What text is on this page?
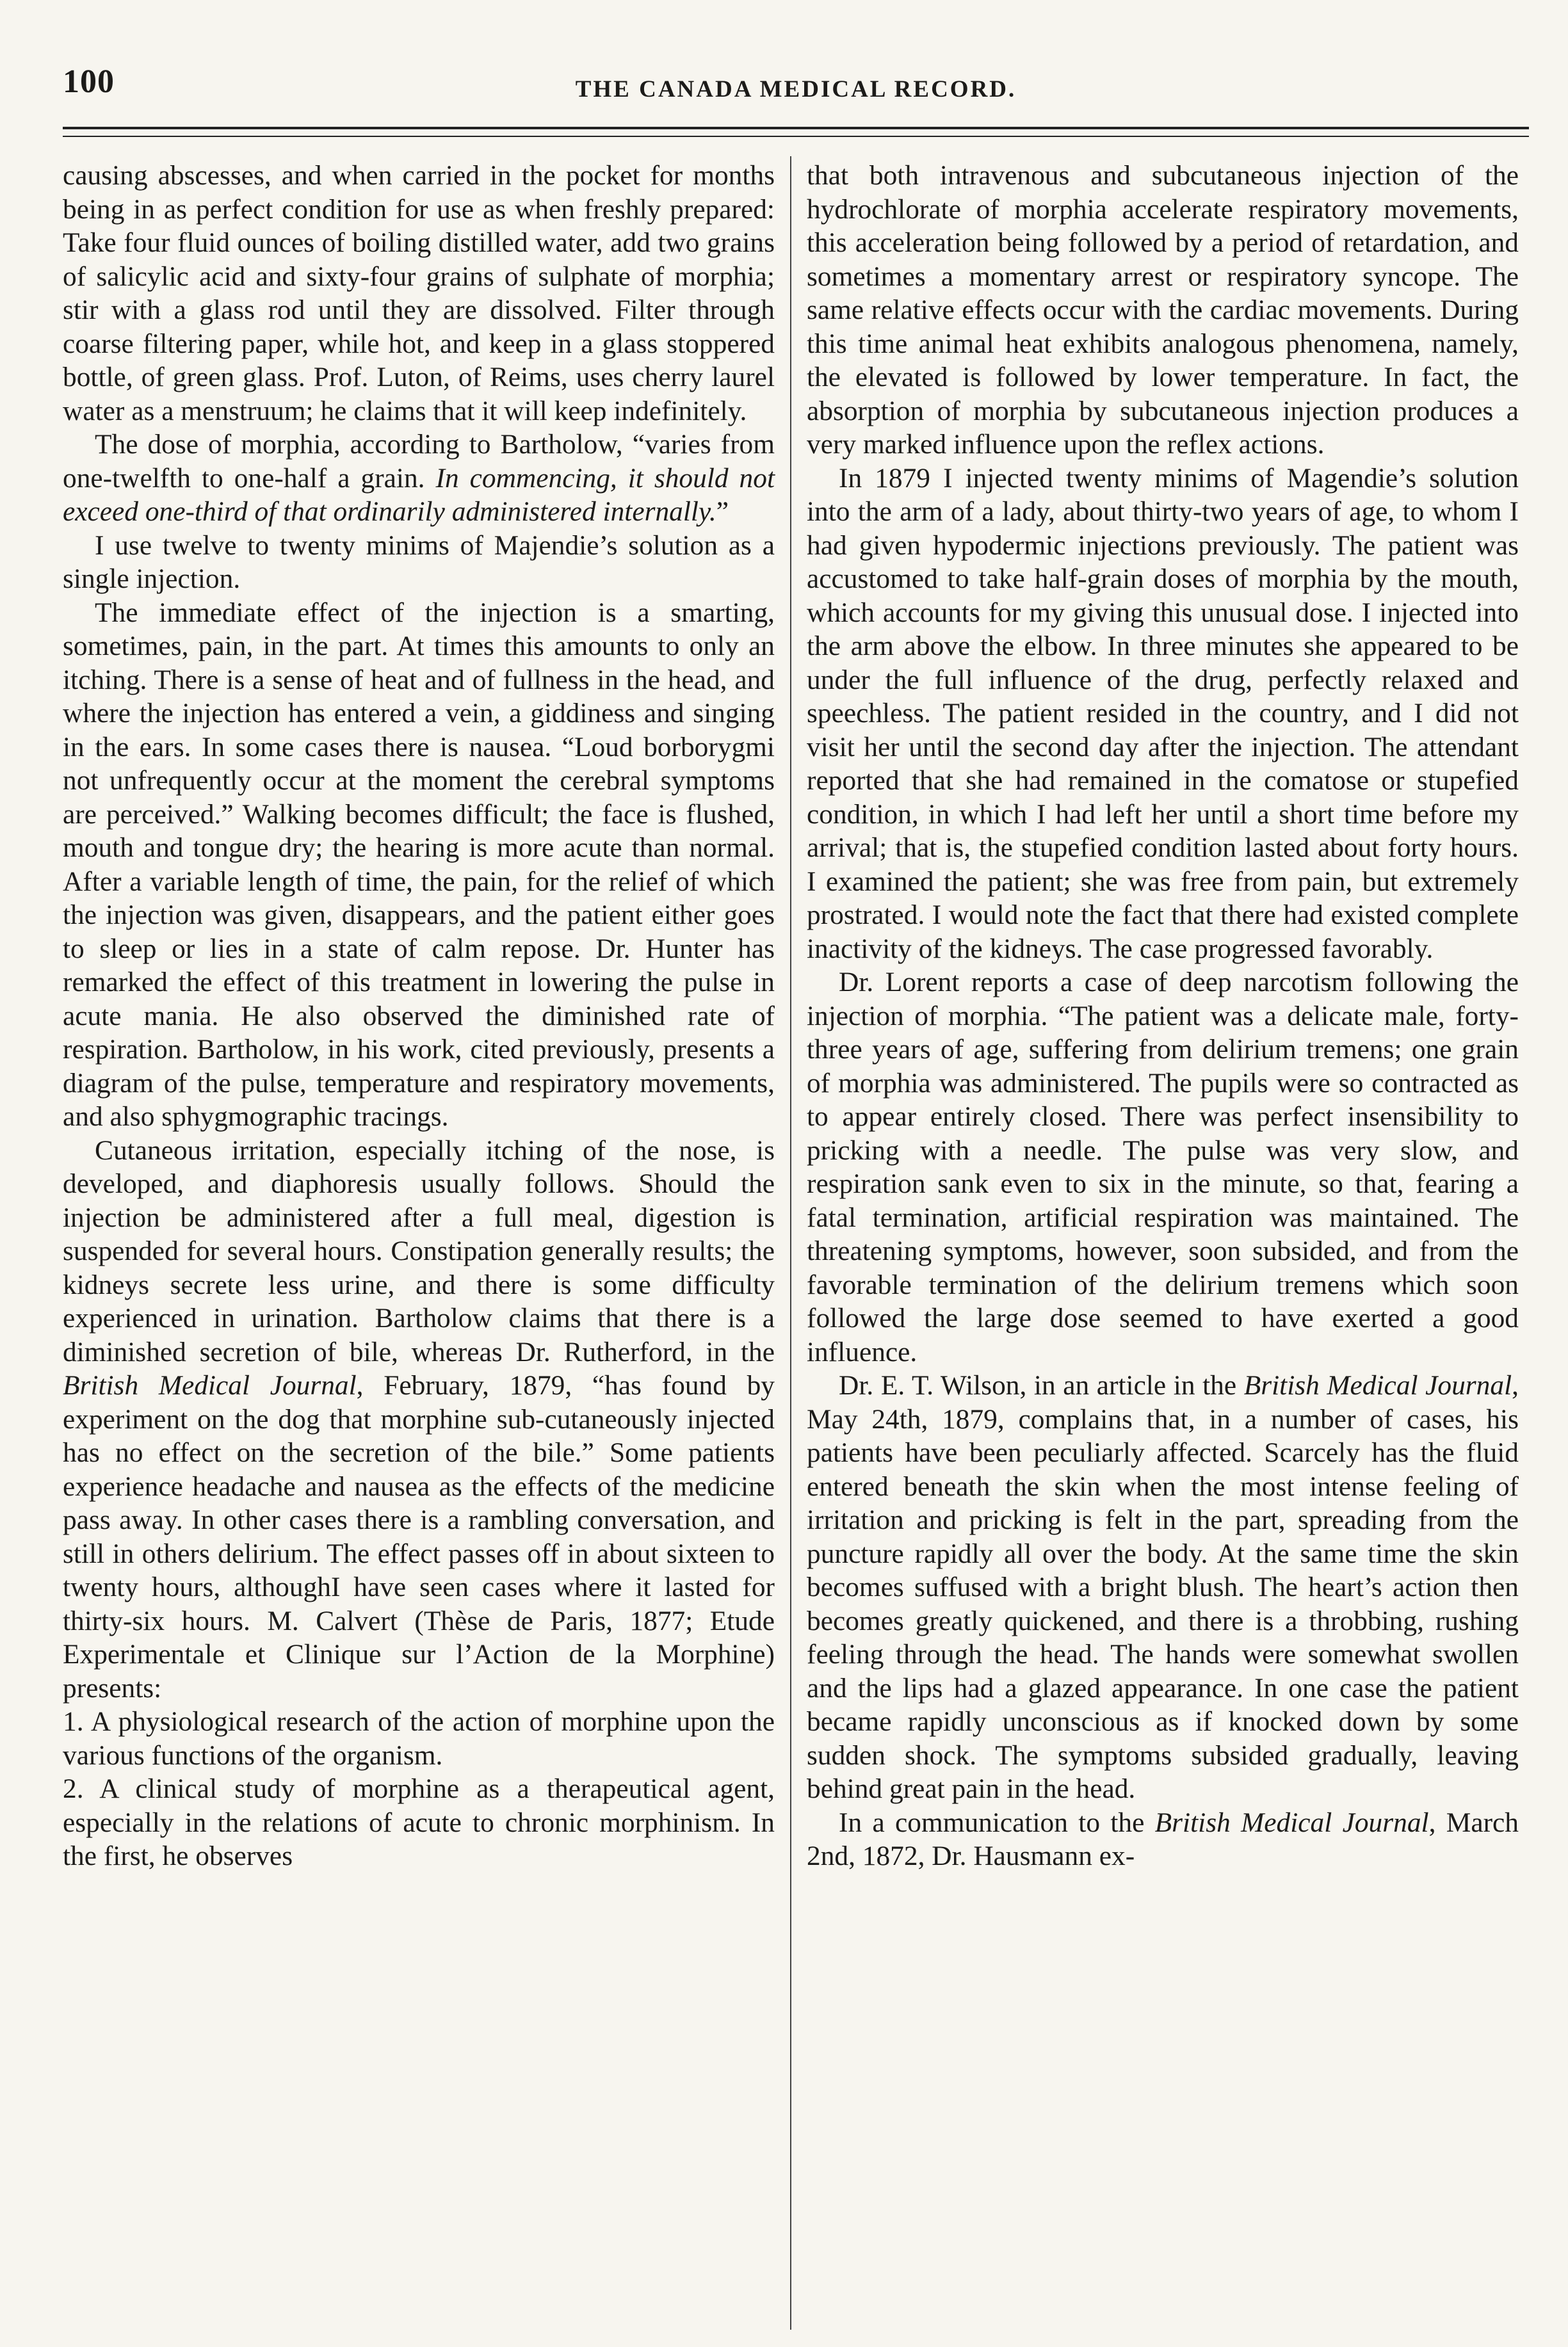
100	THE CANADA MEDICAL RECORD.

causing abscesses, and when carried in the pocket for months being in as perfect condition for use as when freshly prepared: Take four fluid ounces of boiling distilled water, add two grains of salicylic acid and sixty-four grains of sulphate of morphia; stir with a glass rod until they are dissolved. Filter through coarse filtering paper, while hot, and keep in a glass stoppered bottle, of green glass. Prof. Luton, of Reims, uses cherry laurel water as a menstruum; he claims that it will keep indefinitely.

The dose of morphia, according to Bartholow, “varies from one-twelfth to one-half a grain. In commencing, it should not exceed one-third of that ordinarily administered internally.”

I use twelve to twenty minims of Majendie’s solution as a single injection.

The immediate effect of the injection is a smarting, sometimes, pain, in the part. At times this amounts to only an itching. There is a sense of heat and of fullness in the head, and where the injection has entered a vein, a giddiness and singing in the ears. In some cases there is nausea. “Loud borborygmi not unfrequently occur at the moment the cerebral symptoms are perceived.” Walking becomes difficult; the face is flushed, mouth and tongue dry; the hearing is more acute than normal. After a variable length of time, the pain, for the relief of which the injection was given, disappears, and the patient either goes to sleep or lies in a state of calm repose. Dr. Hunter has remarked the effect of this treatment in lowering the pulse in acute mania. He also observed the diminished rate of respiration. Bartholow, in his work, cited previously, presents a diagram of the pulse, temperature and respiratory movements, and also sphygmographic tracings.

Cutaneous irritation, especially itching of the nose, is developed, and diaphoresis usually follows. Should the injection be administered after a full meal, digestion is suspended for several hours. Constipation generally results; the kidneys secrete less urine, and there is some difficulty experienced in urination. Bartholow claims that there is a diminished secretion of bile, whereas Dr. Rutherford, in the British Medical Journal, February, 1879, “has found by experiment on the dog that morphine sub-cutaneously injected has no effect on the secretion of the bile.” Some patients experience headache and nausea as the effects of the medicine pass away. In other cases there is a rambling conversation, and still in others delirium. The effect passes off in about sixteen to twenty hours, althoughI have seen cases where it lasted for thirty-six hours. M. Calvert (Thèse de Paris, 1877; Etude Experimentale et Clinique sur l’Action de la Morphine) presents:

1. A physiological research of the action of morphine upon the various functions of the organism.

2. A clinical study of morphine as a therapeutical agent, especially in the relations of acute to chronic morphinism. In the first, he observes

that both intravenous and subcutaneous injection of the hydrochlorate of morphia accelerate respiratory movements, this acceleration being followed by a period of retardation, and sometimes a momentary arrest or respiratory syncope. The same relative effects occur with the cardiac movements. During this time animal heat exhibits analogous phenomena, namely, the elevated is followed by lower temperature. In fact, the absorption of morphia by subcutaneous injection produces a very marked influence upon the reflex actions.

In 1879 I injected twenty minims of Magendie’s solution into the arm of a lady, about thirty-two years of age, to whom I had given hypodermic injections previously. The patient was accustomed to take half-grain doses of morphia by the mouth, which accounts for my giving this unusual dose. I injected into the arm above the elbow. In three minutes she appeared to be under the full influence of the drug, perfectly relaxed and speechless. The patient resided in the country, and I did not visit her until the second day after the injection. The attendant reported that she had remained in the comatose or stupefied condition, in which I had left her until a short time before my arrival; that is, the stupefied condition lasted about forty hours. I examined the patient; she was free from pain, but extremely prostrated. I would note the fact that there had existed complete inactivity of the kidneys. The case progressed favorably.

Dr. Lorent reports a case of deep narcotism following the injection of morphia. “The patient was a delicate male, forty-three years of age, suffering from delirium tremens; one grain of morphia was administered. The pupils were so contracted as to appear entirely closed. There was perfect insensibility to pricking with a needle. The pulse was very slow, and respiration sank even to six in the minute, so that, fearing a fatal termination, artificial respiration was maintained. The threatening symptoms, however, soon subsided, and from the favorable termination of the delirium tremens which soon followed the large dose seemed to have exerted a good influence.

Dr. E. T. Wilson, in an article in the British Medical Journal, May 24th, 1879, complains that, in a number of cases, his patients have been peculiarly affected. Scarcely has the fluid entered beneath the skin when the most intense feeling of irritation and pricking is felt in the part, spreading from the puncture rapidly all over the body. At the same time the skin becomes suffused with a bright blush. The heart’s action then becomes greatly quickened, and there is a throbbing, rushing feeling through the head. The hands were somewhat swollen and the lips had a glazed appearance. In one case the patient became rapidly unconscious as if knocked down by some sudden shock. The symptoms subsided gradually, leaving behind great pain in the head.

In a communication to the British Medical Journal, March 2nd, 1872, Dr. Hausmann ex-
